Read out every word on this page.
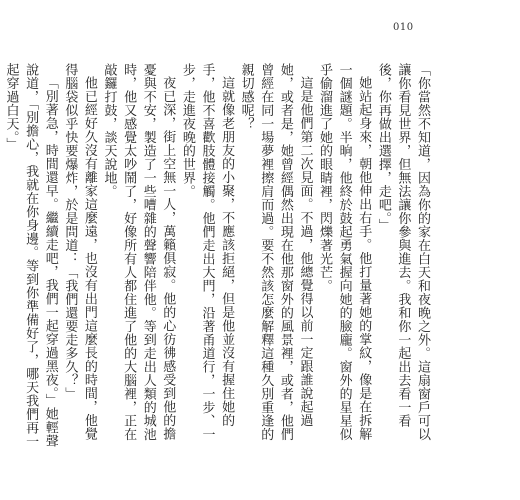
010

「你當然不知道，因為你的家在白天和夜晚之外。這扇窗戶可以讓你看見世界，但無法讓你參與進去。我和你一起出去看一看後，你再做出選擇，走吧。」

她站起身來，朝他伸出右手。他打量著她的掌紋，像是在拆解一個謎題。半晌，他終於鼓起勇氣握向她的臉龐。窗外的星星似乎偷溜進了她的眼睛裡，閃爍著光芒。

這是他們第二次見面。不過，他總覺得以前一定跟誰說起過她，或者是，她曾經偶然出現在他那窗外的風景裡，或者，他們曾經在同一場夢裡擦肩而過。要不然該怎麼解釋這種久別重逢的親切感呢？

這就像老朋友的小聚，不應該拒絕，但是他並沒有握住她的手，他不喜歡肢體接觸。他們走出大門，沿著甬道行，一步、一步，走進夜晚的世界。

夜已深，街上空無一人，萬籟俱寂。他的心彷彿感受到他的擔憂與不安，製造了一些嘈雜的聲響陪伴他。等到走出人類的城池時，他又感覺太吵鬧了，好像所有人都住進了他的大腦裡，正在敲鑼打鼓，談天說地。

他已經好久沒有離家這麼遠，也沒有出門這麼長的時間，他覺得腦袋似乎快要爆炸，於是問道：「我們還要走多久？」

「別著急，時間還早。繼續走吧，我們一起穿過黑夜。」她輕聲說道，「別擔心，我就在你身邊。等到你準備好了，哪天我們再一起穿過白天。」
